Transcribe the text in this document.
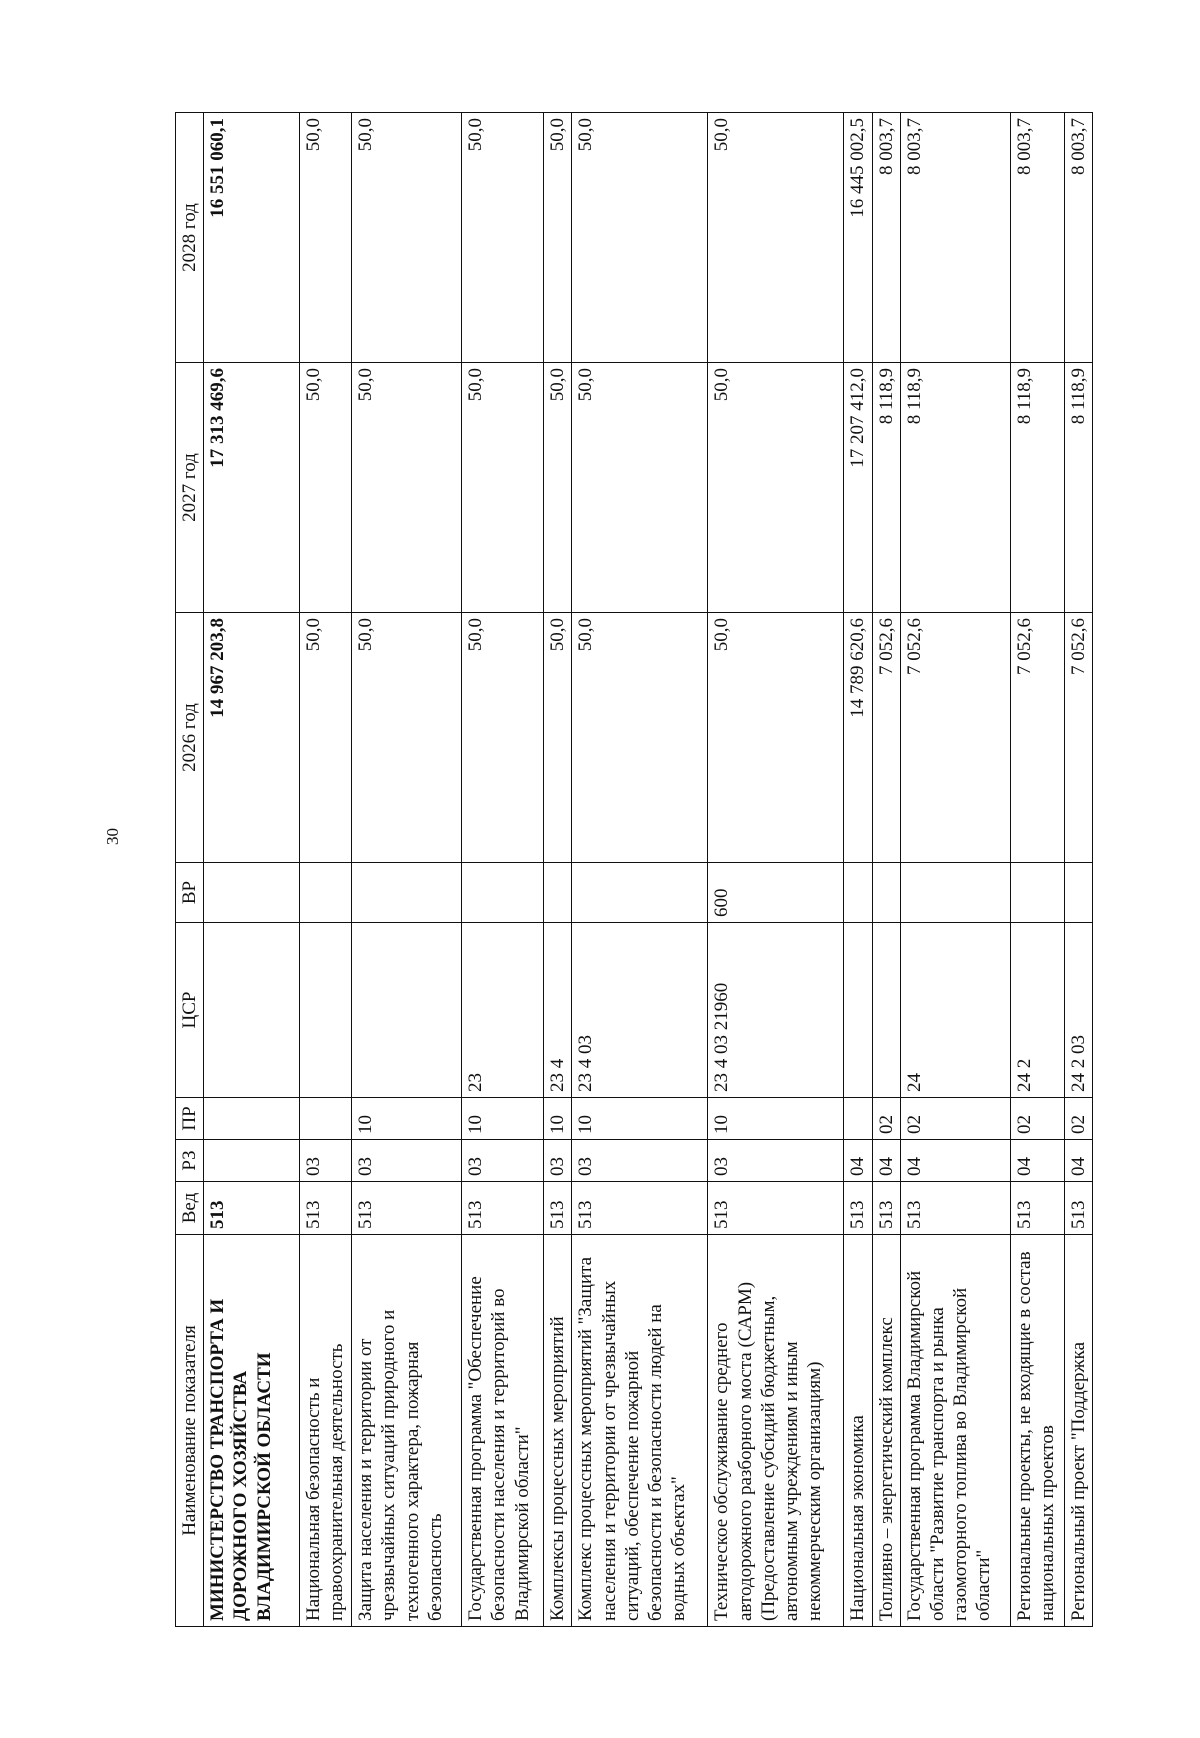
30
Наименование показателя	Вед	РЗ	ПР	ЦСР	ВР	2026 год	2027 год	2028 год
МИНИСТЕРСТВО ТРАНСПОРТА И ДОРОЖНОГО ХОЗЯЙСТВА ВЛАДИМИРСКОЙ ОБЛАСТИ	513					14 967 203,8	17 313 469,6	16 551 060,1
Национальная безопасность и правоохранительная деятельность	513	03				50,0	50,0	50,0
Защита населения и территории от чрезвычайных ситуаций природного и техногенного характера, пожарная безопасность	513	03	10			50,0	50,0	50,0
Государственная программа "Обеспечение безопасности населения и территорий во Владимирской области"	513	03	10	23		50,0	50,0	50,0
Комплексы процессных мероприятий	513	03	10	23 4		50,0	50,0	50,0
Комплекс процессных мероприятий "Защита населения и территории от чрезвычайных ситуаций, обеспечение пожарной безопасности и безопасности людей на водных объектах"	513	03	10	23 4 03		50,0	50,0	50,0
Техническое обслуживание среднего автодорожного разборного моста (САРМ) (Предоставление субсидий бюджетным, автономным учреждениям и иным некоммерческим организациям)	513	03	10	23 4 03 21960	600	50,0	50,0	50,0
Национальная экономика	513	04				14 789 620,6	17 207 412,0	16 445 002,5
Топливно – энергетический комплекс	513	04	02			7 052,6	8 118,9	8 003,7
Государственная программа Владимирской области "Развитие транспорта и рынка газомоторного топлива во Владимирской области"	513	04	02	24		7 052,6	8 118,9	8 003,7
Региональные проекты, не входящие в состав национальных проектов	513	04	02	24 2		7 052,6	8 118,9	8 003,7
Региональный проект "Поддержка	513	04	02	24 2 03		7 052,6	8 118,9	8 003,7
